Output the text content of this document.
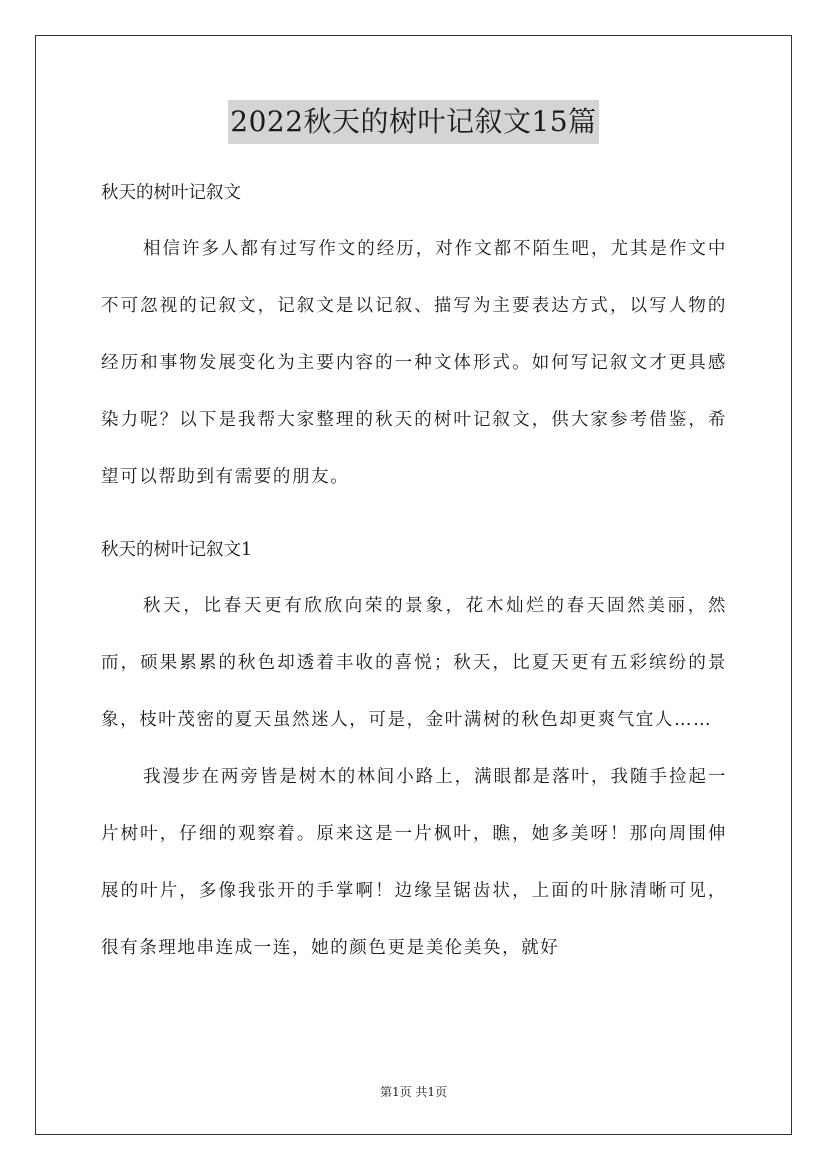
2022秋天的树叶记叙文15篇

秋天的树叶记叙文

相信许多人都有过写作文的经历，对作文都不陌生吧，尤其是作文中不可忽视的记叙文，记叙文是以记叙、描写为主要表达方式，以写人物的经历和事物发展变化为主要内容的一种文体形式。如何写记叙文才更具感染力呢？以下是我帮大家整理的秋天的树叶记叙文，供大家参考借鉴，希望可以帮助到有需要的朋友。

秋天的树叶记叙文1

秋天，比春天更有欣欣向荣的景象，花木灿烂的春天固然美丽，然而，硕果累累的秋色却透着丰收的喜悦；秋天，比夏天更有五彩缤纷的景象，枝叶茂密的夏天虽然迷人，可是，金叶满树的秋色却更爽气宜人……

我漫步在两旁皆是树木的林间小路上，满眼都是落叶，我随手捡起一片树叶，仔细的观察着。原来这是一片枫叶，瞧，她多美呀！那向周围伸展的叶片，多像我张开的手掌啊！边缘呈锯齿状，上面的叶脉清晰可见，很有条理地串连成一连，她的颜色更是美伦美奂，就好

第1页 共1页
